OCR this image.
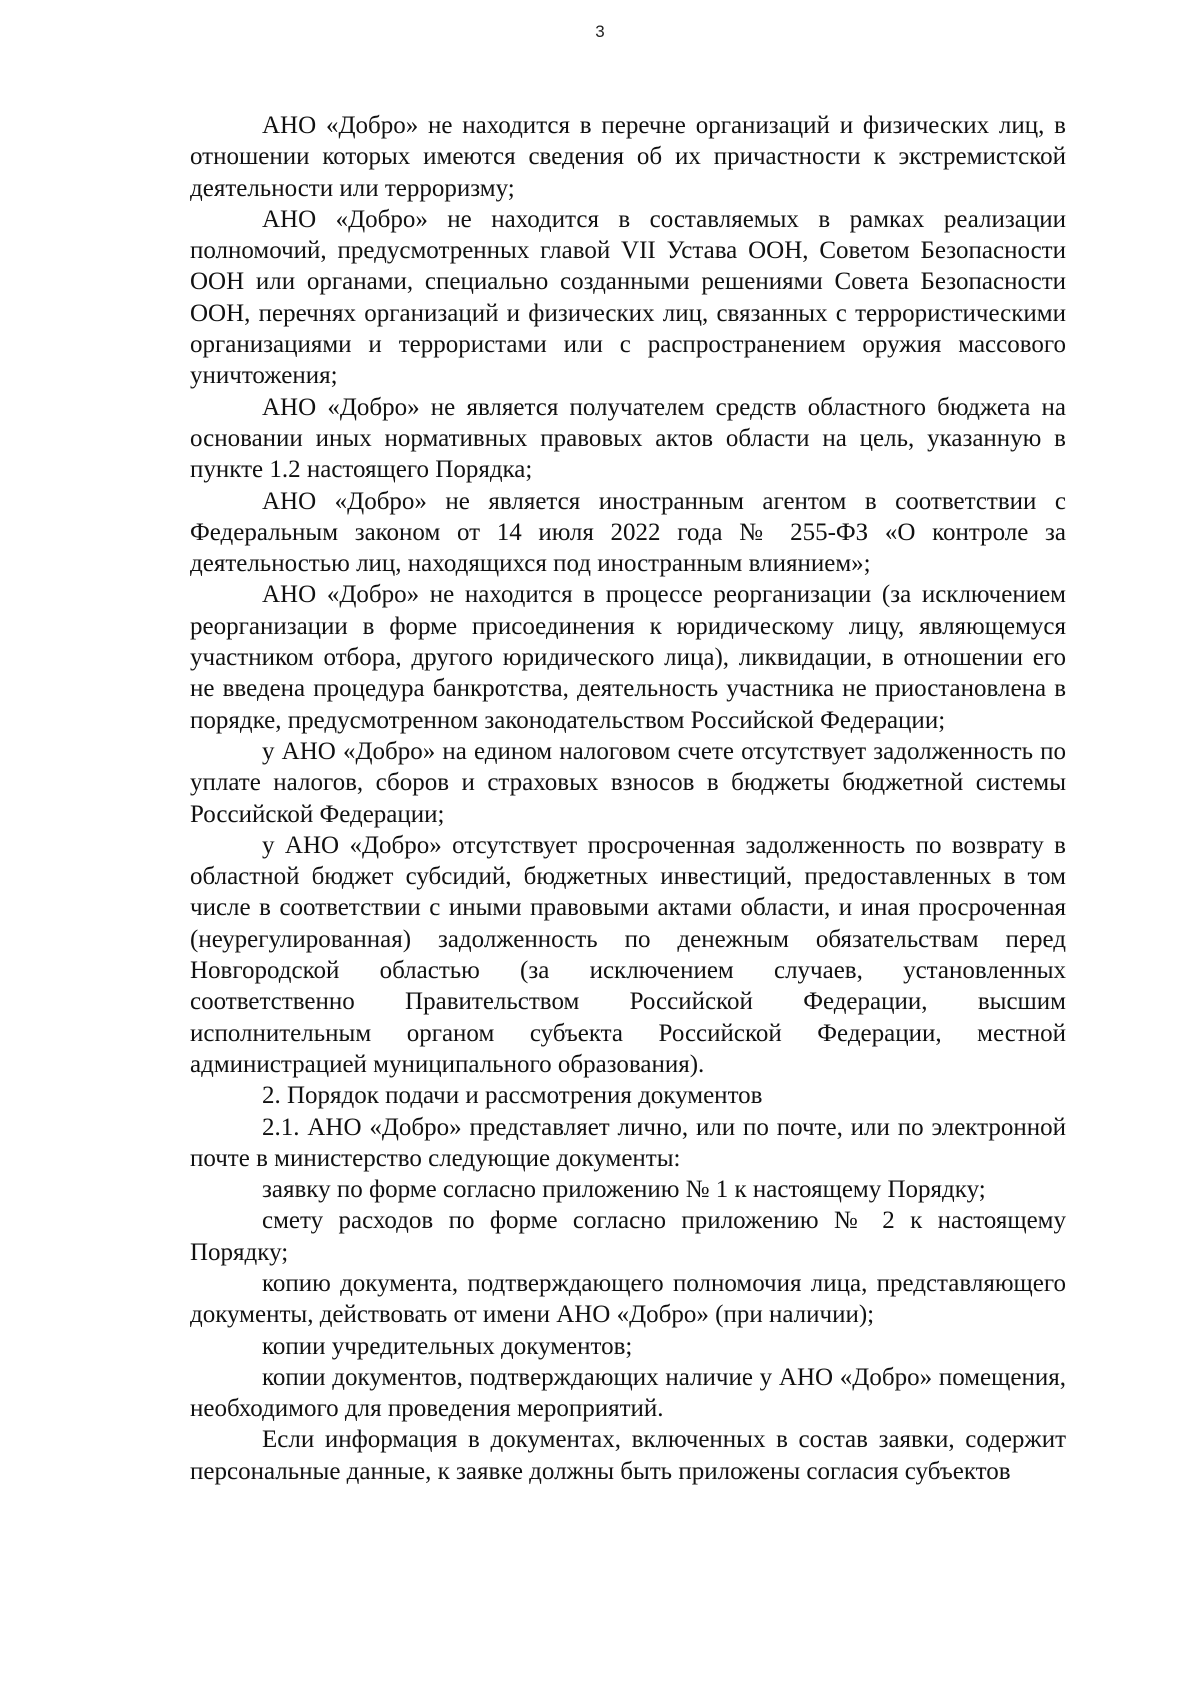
3

АНО «Добро» не находится в перечне организаций и физических лиц, в отношении которых имеются сведения об их причастности к экстремистской деятельности или терроризму;

АНО «Добро» не находится в составляемых в рамках реализации полномочий, предусмотренных главой VII Устава ООН, Советом Безопасности ООН или органами, специально созданными решениями Совета Безопасности ООН, перечнях организаций и физических лиц, связанных с террористическими организациями и террористами или с распространением оружия массового уничтожения;

АНО «Добро» не является получателем средств областного бюджета на основании иных нормативных правовых актов области на цель, указанную в пункте 1.2 настоящего Порядка;

АНО «Добро» не является иностранным агентом в соответствии с Федеральным законом от 14 июля 2022 года № 255-ФЗ «О контроле за деятельностью лиц, находящихся под иностранным влиянием»;

АНО «Добро» не находится в процессе реорганизации (за исключением реорганизации в форме присоединения к юридическому лицу, являющемуся участником отбора, другого юридического лица), ликвидации, в отношении его не введена процедура банкротства, деятельность участника не приостановлена в порядке, предусмотренном законодательством Российской Федерации;

у АНО «Добро» на едином налоговом счете отсутствует задолженность по уплате налогов, сборов и страховых взносов в бюджеты бюджетной системы Российской Федерации;

у АНО «Добро» отсутствует просроченная задолженность по возврату в областной бюджет субсидий, бюджетных инвестиций, предоставленных в том числе в соответствии с иными правовыми актами области, и иная просроченная (неурегулированная) задолженность по денежным обязательствам перед Новгородской областью (за исключением случаев, установленных соответственно Правительством Российской Федерации, высшим исполнительным органом субъекта Российской Федерации, местной администрацией муниципального образования).

2. Порядок подачи и рассмотрения документов

2.1. АНО «Добро» представляет лично, или по почте, или по электронной почте в министерство следующие документы:

заявку по форме согласно приложению № 1 к настоящему Порядку;

смету расходов по форме согласно приложению № 2 к настоящему Порядку;

копию документа, подтверждающего полномочия лица, представляющего документы, действовать от имени АНО «Добро» (при наличии);

копии учредительных документов;

копии документов, подтверждающих наличие у АНО «Добро» помещения, необходимого для проведения мероприятий.

Если информация в документах, включенных в состав заявки, содержит персональные данные, к заявке должны быть приложены согласия субъектов
